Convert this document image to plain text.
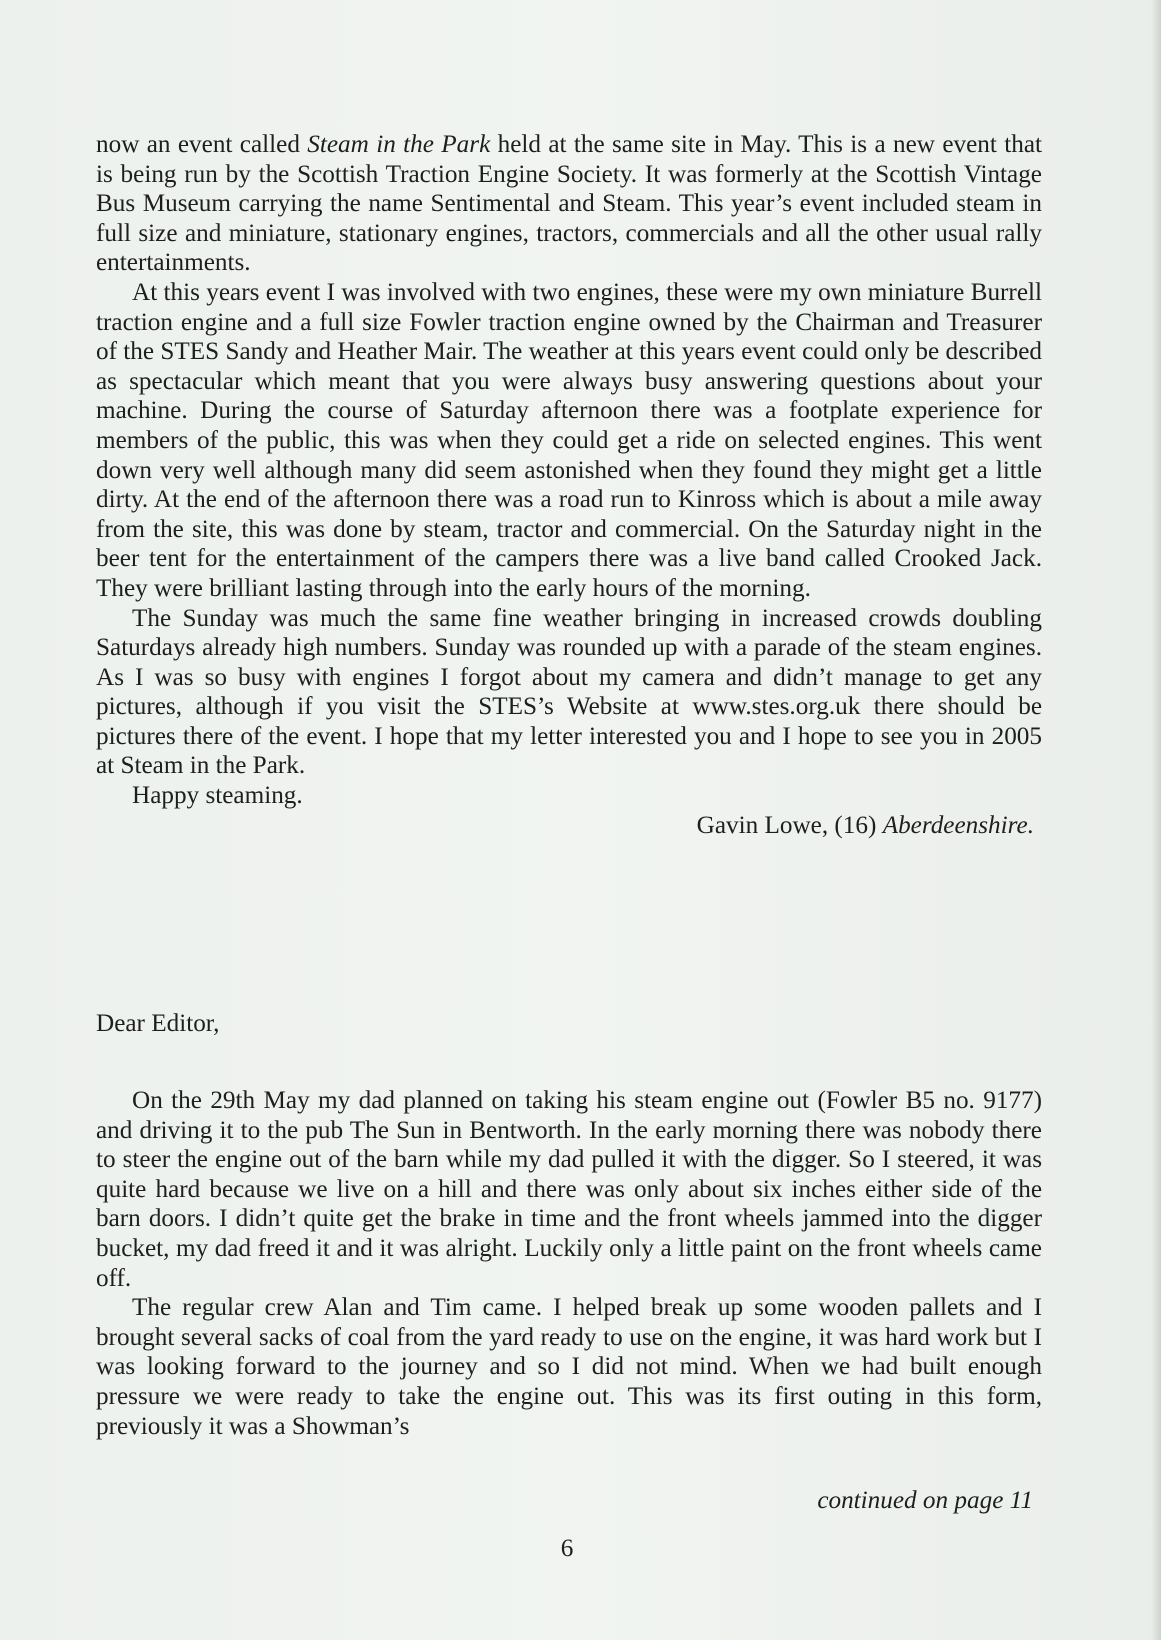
now an event called Steam in the Park held at the same site in May. This is a new event that is being run by the Scottish Traction Engine Society. It was formerly at the Scottish Vintage Bus Museum carrying the name Sentimental and Steam. This year’s event included steam in full size and miniature, stationary engines, tractors, commercials and all the other usual rally entertainments.

At this years event I was involved with two engines, these were my own miniature Burrell traction engine and a full size Fowler traction engine owned by the Chairman and Treasurer of the STES Sandy and Heather Mair. The weather at this years event could only be described as spectacular which meant that you were always busy answering questions about your machine. During the course of Saturday afternoon there was a footplate experience for members of the public, this was when they could get a ride on selected engines. This went down very well although many did seem astonished when they found they might get a little dirty. At the end of the afternoon there was a road run to Kinross which is about a mile away from the site, this was done by steam, tractor and commercial. On the Saturday night in the beer tent for the entertainment of the campers there was a live band called Crooked Jack. They were brilliant lasting through into the early hours of the morning.

The Sunday was much the same fine weather bringing in increased crowds doubling Saturdays already high numbers. Sunday was rounded up with a parade of the steam engines. As I was so busy with engines I forgot about my camera and didn’t manage to get any pictures, although if you visit the STES’s Website at www.stes.org.uk there should be pictures there of the event. I hope that my letter interested you and I hope to see you in 2005 at Steam in the Park.

Happy steaming.

Gavin Lowe, (16) Aberdeenshire.

Dear Editor,

On the 29th May my dad planned on taking his steam engine out (Fowler B5 no. 9177) and driving it to the pub The Sun in Bentworth. In the early morning there was nobody there to steer the engine out of the barn while my dad pulled it with the digger. So I steered, it was quite hard because we live on a hill and there was only about six inches either side of the barn doors. I didn’t quite get the brake in time and the front wheels jammed into the digger bucket, my dad freed it and it was alright. Luckily only a little paint on the front wheels came off.

The regular crew Alan and Tim came. I helped break up some wooden pallets and I brought several sacks of coal from the yard ready to use on the engine, it was hard work but I was looking forward to the journey and so I did not mind. When we had built enough pressure we were ready to take the engine out. This was its first outing in this form, previously it was a Showman’s

continued on page 11
6
